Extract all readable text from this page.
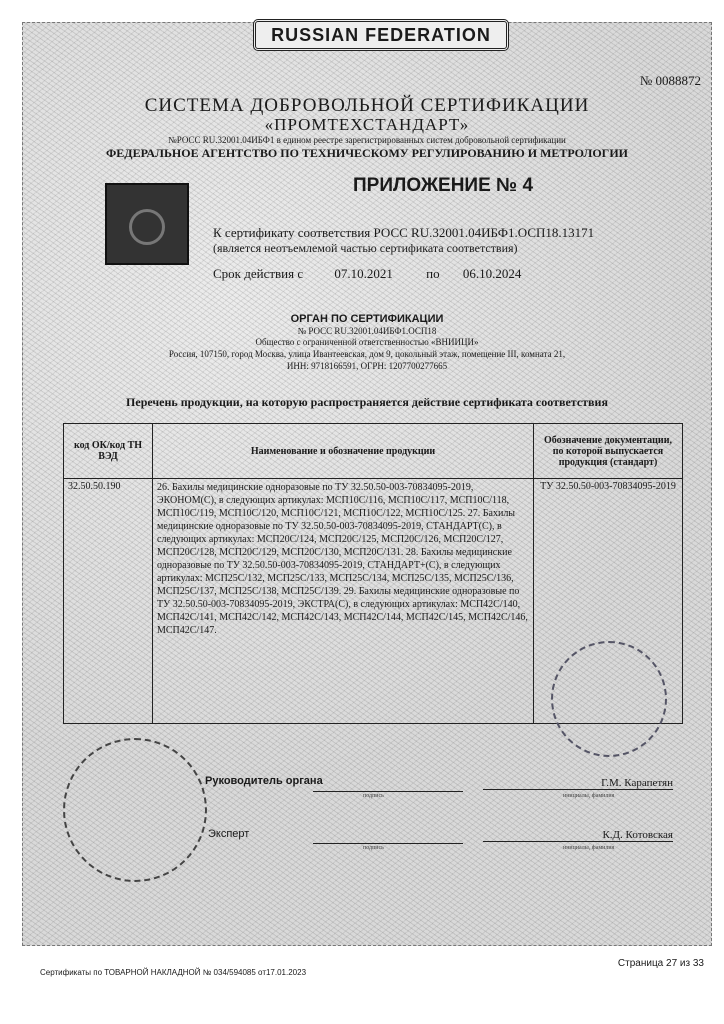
RUSSIAN FEDERATION
№ 0088872
СИСТЕМА ДОБРОВОЛЬНОЙ СЕРТИФИКАЦИИ
«ПРОМТЕХСТАНДАРТ»
№РОСС RU.32001.04ИБФ1 в едином реестре зарегистрированных систем добровольной сертификации
ФЕДЕРАЛЬНОЕ АГЕНТСТВО ПО ТЕХНИЧЕСКОМУ РЕГУЛИРОВАНИЮ И МЕТРОЛОГИИ
ПРИЛОЖЕНИЕ № 4
К сертификату соответствия РОСС RU.32001.04ИБФ1.ОСП18.13171
(является неотъемлемой частью сертификата соответствия)
Срок действия с 07.10.2021	по 06.10.2024
ОРГАН ПО СЕРТИФИКАЦИИ
№ РОСС RU.32001.04ИБФ1.ОСП18
Общество с ограниченной ответственностью «ВНИИЦИ»
Россия, 107150, город Москва, улица Ивантеевская, дом 9, цокольный этаж, помещение III, комната 21,
ИНН: 9718166591, ОГРН: 1207700277665
Перечень продукции, на которую распространяется действие сертификата соответствия
код ОК/код ТН ВЭД	Наименование и обозначение продукции	Обозначение документации, по которой выпускается продукция (стандарт)
32.50.50.190	26. Бахилы медицинские одноразовые по ТУ 32.50.50-003-70834095-2019, ЭКОНОМ(С), в следующих артикулах: МСП10С/116, МСП10С/117, МСП10С/118, МСП10С/119, МСП10С/120, МСП10С/121, МСП10С/122, МСП10С/125. 27. Бахилы медицинские одноразовые по ТУ 32.50.50-003-70834095-2019, СТАНДАРТ(С), в следующих артикулах: МСП20С/124, МСП20С/125, МСП20С/126, МСП20С/127, МСП20С/128, МСП20С/129, МСП20С/130, МСП20С/131. 28. Бахилы медицинские одноразовые по ТУ 32.50.50-003-70834095-2019, СТАНДАРТ+(С), в следующих артикулах: МСП25С/132, МСП25С/133, МСП25С/134, МСП25С/135, МСП25С/136, МСП25С/137, МСП25С/138, МСП25С/139. 29. Бахилы медицинские одноразовые по ТУ 32.50.50-003-70834095-2019, ЭКСТРА(С), в следующих артикулах: МСП42С/140, МСП42С/141, МСП42С/142, МСП42С/143, МСП42С/144, МСП42С/145, МСП42С/146, МСП42С/147.	ТУ 32.50.50-003-70834095-2019
Руководитель органа	Г.М. Карапетян
подпись	инициалы, фамилия
Эксперт	К.Д. Котовская
подпись	инициалы, фамилия
Сертификаты по ТОВАРНОЙ НАКЛАДНОЙ № 034/594085 от17.01.2023
Страница 27 из 33
